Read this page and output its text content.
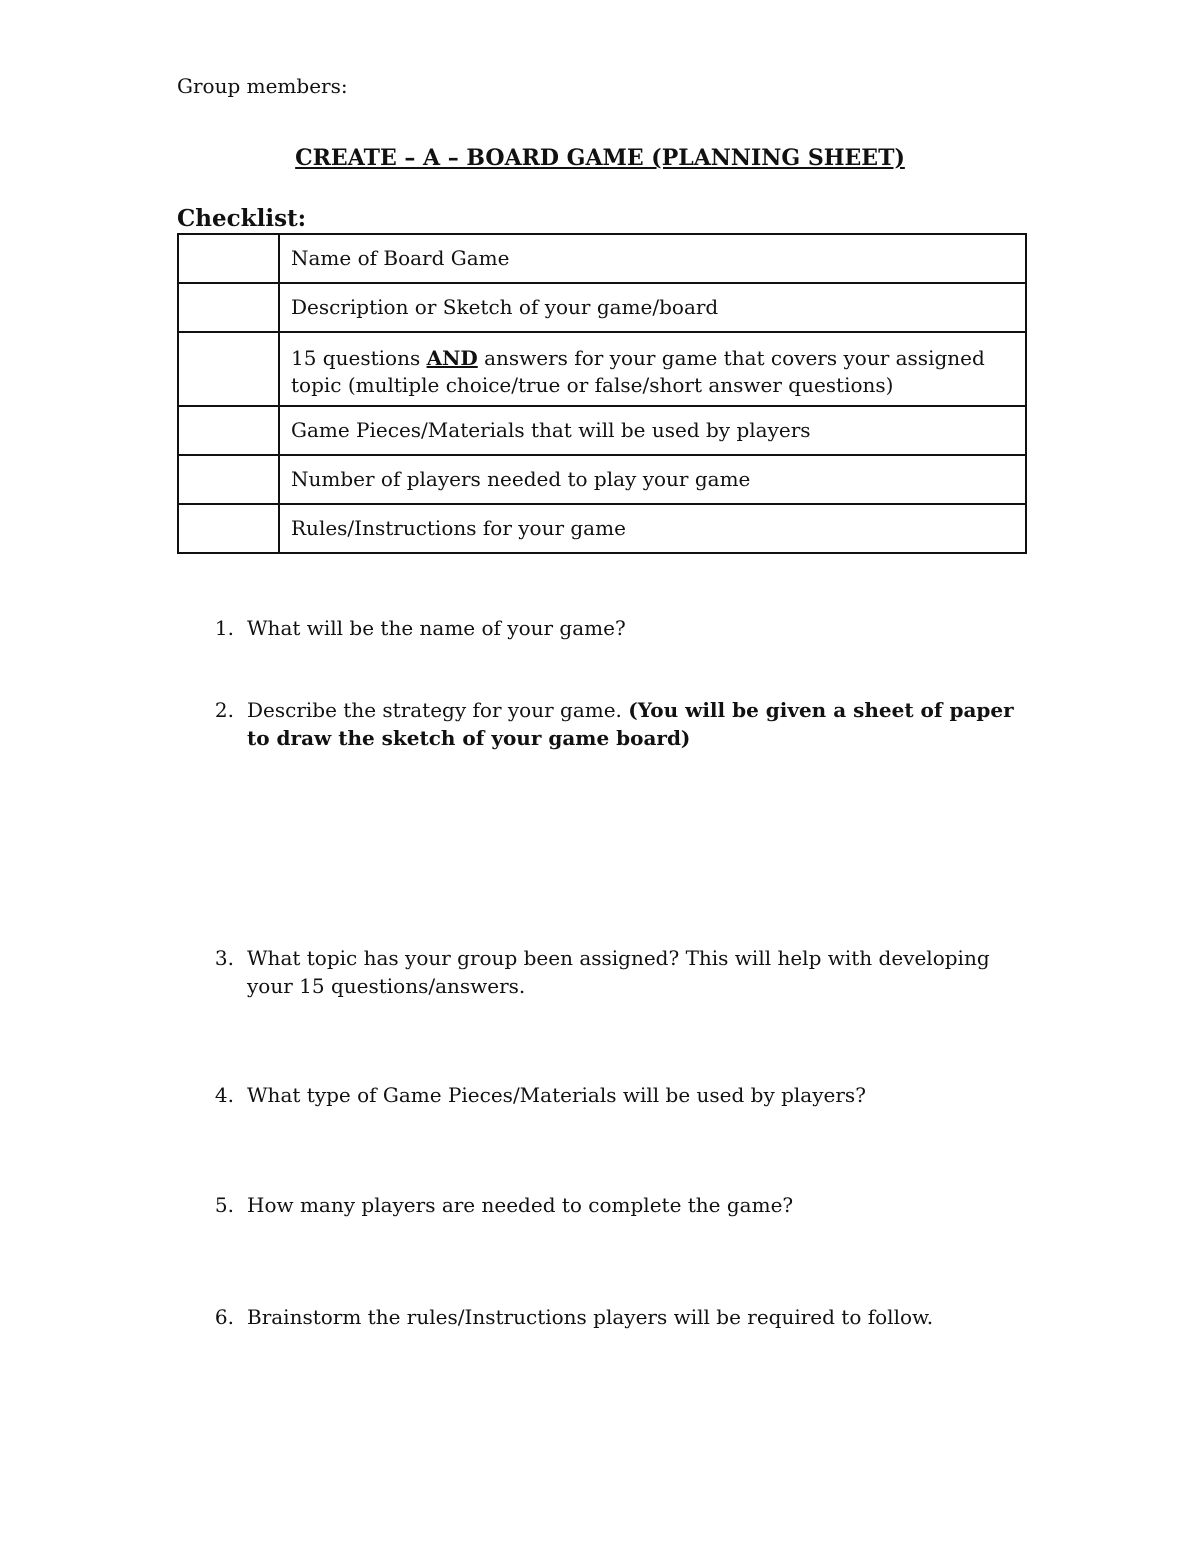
Group members:
CREATE – A – BOARD GAME (PLANNING SHEET)
Checklist:
	Name of Board Game
	Description or Sketch of your game/board
	15 questions AND answers for your game that covers your assigned topic (multiple choice/true or false/short answer questions)
	Game Pieces/Materials that will be used by players
	Number of players needed to play your game
	Rules/Instructions for your game
1. What will be the name of your game?
2. Describe the strategy for your game. (You will be given a sheet of paper to draw the sketch of your game board)
3. What topic has your group been assigned? This will help with developing your 15 questions/answers.
4. What type of Game Pieces/Materials will be used by players?
5. How many players are needed to complete the game?
6. Brainstorm the rules/Instructions players will be required to follow.
